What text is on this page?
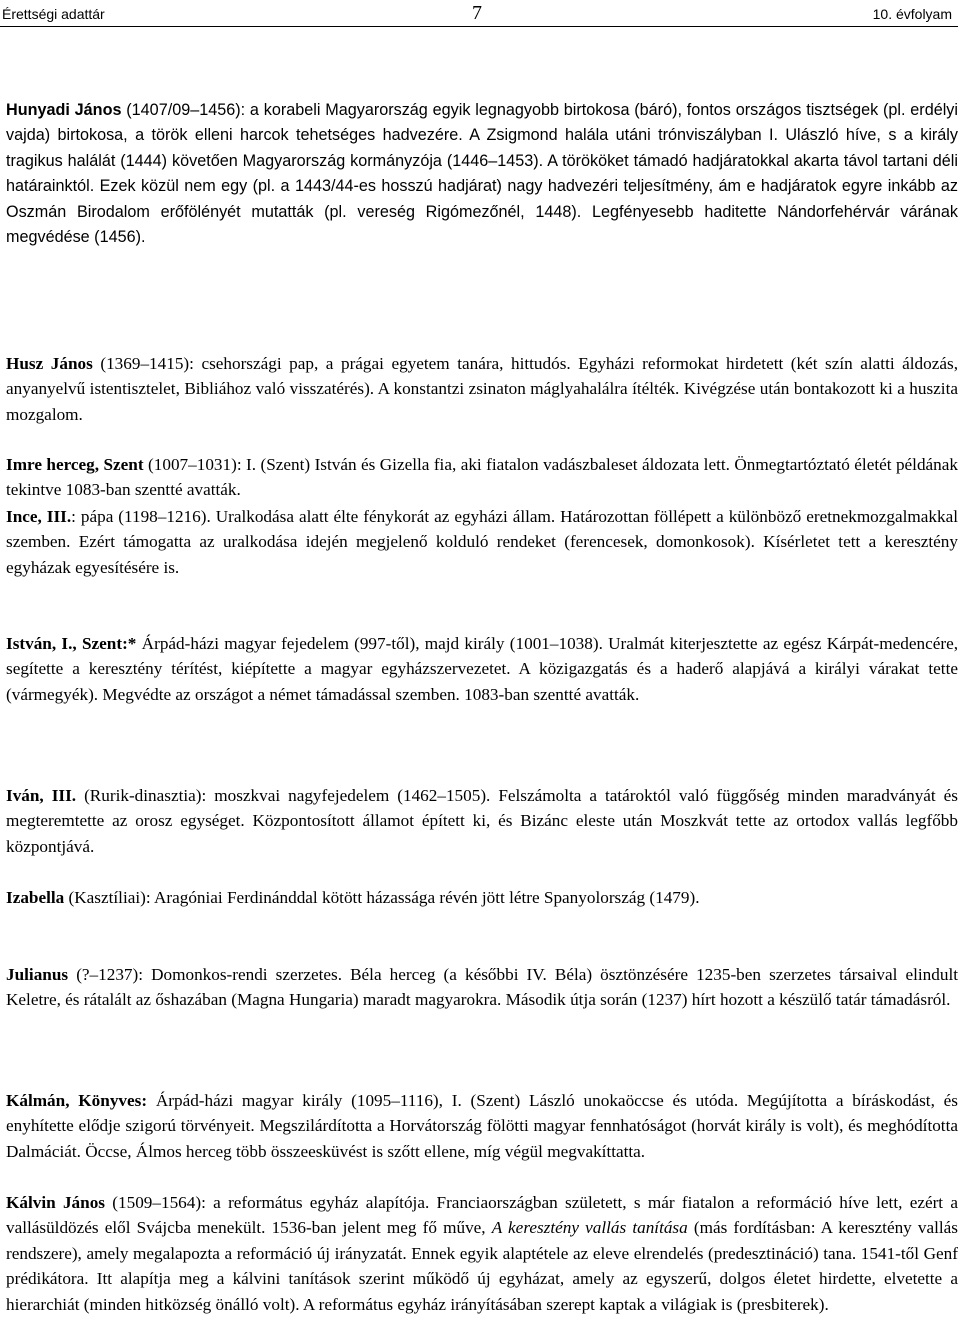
Érettségi adattár	7	10. évfolyam
Hunyadi János (1407/09–1456): a korabeli Magyarország egyik legnagyobb birtokosa (báró), fontos országos tisztségek (pl. erdélyi vajda) birtokosa, a török elleni harcok tehetséges hadvezére. A Zsigmond halála utáni trónviszályban I. Ulászló híve, s a király tragikus halálát (1444) követően Magyarország kormányzója (1446–1453). A törököket támadó hadjáratokkal akarta távol tartani déli határainktól. Ezek közül nem egy (pl. a 1443/44-es hosszú hadjárat) nagy hadvezéri teljesítmény, ám e hadjáratok egyre inkább az Oszmán Birodalom erőfölényét mutatták (pl. vereség Rigómezőnél, 1448). Legfényesebb haditette Nándorfehérvár várának megvédése (1456).
Husz János (1369–1415): csehországi pap, a prágai egyetem tanára, hittudós. Egyházi reformokat hirdetett (két szín alatti áldozás, anyanyelvű istentisztelet, Bibliához való visszatérés). A konstantzi zsinaton máglyahalálra ítélték. Kivégzése után bontakozott ki a huszita mozgalom.
Imre herceg, Szent (1007–1031): I. (Szent) István és Gizella fia, aki fiatalon vadászbaleset áldozata lett. Önmegtartóztató életét példának tekintve 1083-ban szentté avatták.
Ince, III.: pápa (1198–1216). Uralkodása alatt élte fénykorát az egyházi állam. Határozottan föllépett a különböző eretnekmozgalmakkal szemben. Ezért támogatta az uralkodása idején megjelenő kolduló rendeket (ferencesek, domonkosok). Kísérletet tett a keresztény egyházak egyesítésére is.
István, I., Szent:* Árpád-házi magyar fejedelem (997-től), majd király (1001–1038). Uralmát kiterjesztette az egész Kárpát-medencére, segítette a keresztény térítést, kiépítette a magyar egyházszervezetet. A közigazgatás és a haderő alapjává a királyi várakat tette (vármegyék). Megvédte az országot a német támadással szemben. 1083-ban szentté avatták.
Iván, III. (Rurik-dinasztia): moszkvai nagyfejedelem (1462–1505). Felszámolta a tatároktól való függőség minden maradványát és megteremtette az orosz egységet. Központosított államot épített ki, és Bizánc eleste után Moszkvát tette az ortodox vallás legfőbb központjává.
Izabella (Kasztíliai): Aragóniai Ferdinánddal kötött házassága révén jött létre Spanyolország (1479).
Julianus (?–1237): Domonkos-rendi szerzetes. Béla herceg (a későbbi IV. Béla) ösztönzésére 1235-ben szerzetes társaival elindult Keletre, és rátalált az őshazában (Magna Hungaria) maradt magyarokra. Második útja során (1237) hírt hozott a készülő tatár támadásról.
Kálmán, Könyves: Árpád-házi magyar király (1095–1116), I. (Szent) László unokaöccse és utóda. Megújította a bíráskodást, és enyhítette elődje szigorú törvényeit. Megszilárdította a Horvátország fölötti magyar fennhatóságot (horvát király is volt), és meghódította Dalmáciát. Öccse, Álmos herceg több összeesküvést is szőtt ellene, míg végül megvakíttatta.
Kálvin János (1509–1564): a református egyház alapítója. Franciaországban született, s már fiatalon a reformáció híve lett, ezért a vallásüldözés elől Svájcba menekült. 1536-ban jelent meg fő műve, A keresztény vallás tanítása (más fordításban: A keresztény vallás rendszere), amely megalapozta a reformáció új irányzatát. Ennek egyik alaptétele az eleve elrendelés (predesztináció) tana. 1541-től Genf prédikátora. Itt alapítja meg a kálvini tanítások szerint működő új egyházat, amely az egyszerű, dolgos életet hirdette, elvetette a hierarchiát (minden hitközség önálló volt). A református egyház irányításában szerept kaptak a világiak is (presbiterek).
